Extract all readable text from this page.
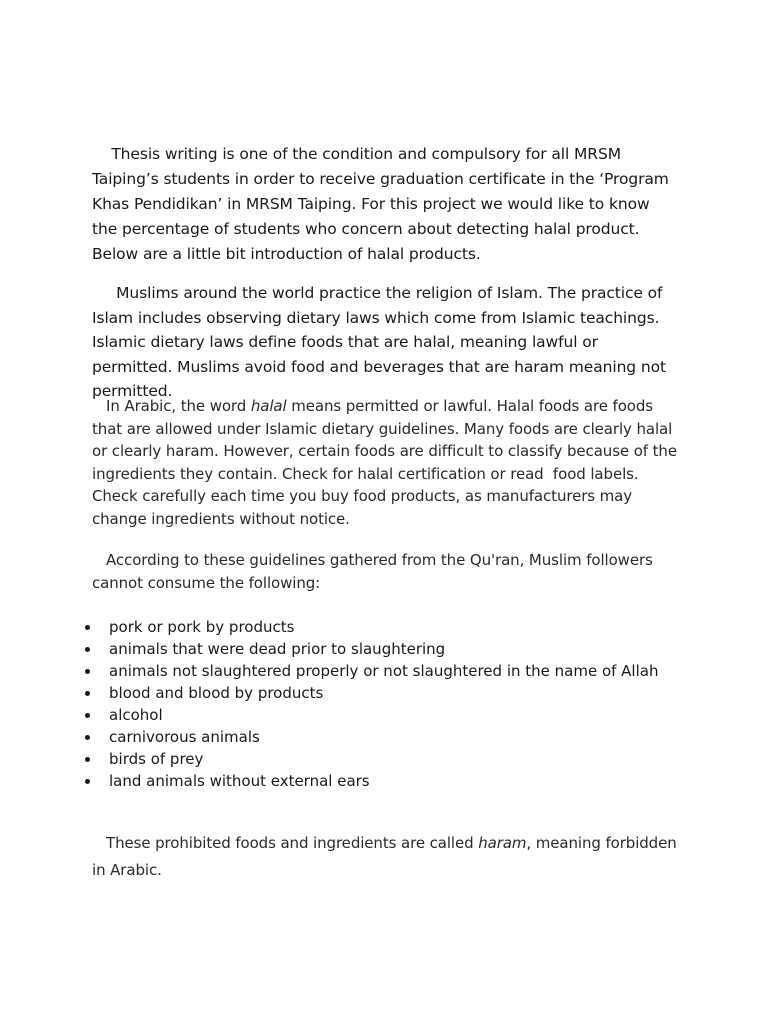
Thesis writing is one of the condition and compulsory for all MRSM Taiping’s students in order to receive graduation certificate in the ‘Program Khas Pendidikan’ in MRSM Taiping. For this project we would like to know the percentage of students who concern about detecting halal product. Below are a little bit introduction of halal products.

Muslims around the world practice the religion of Islam. The practice of Islam includes observing dietary laws which come from Islamic teachings. Islamic dietary laws define foods that are halal, meaning lawful or permitted. Muslims avoid food and beverages that are haram meaning not permitted.

In Arabic, the word halal means permitted or lawful. Halal foods are foods that are allowed under Islamic dietary guidelines. Many foods are clearly halal or clearly haram. However, certain foods are difficult to classify because of the ingredients they contain. Check for halal certification or read  food labels. Check carefully each time you buy food products, as manufacturers may change ingredients without notice.

According to these guidelines gathered from the Qu'ran, Muslim followers cannot consume the following:

pork or pork by products
animals that were dead prior to slaughtering
animals not slaughtered properly or not slaughtered in the name of Allah
blood and blood by products
alcohol
carnivorous animals
birds of prey
land animals without external ears

These prohibited foods and ingredients are called haram, meaning forbidden in Arabic.
